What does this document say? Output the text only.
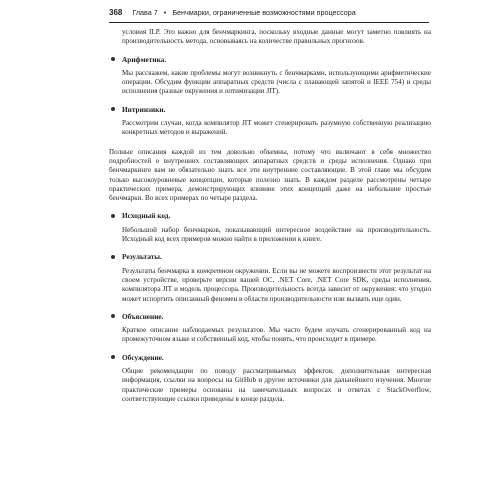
368 Глава 7 • Бенчмарки, ограниченные возможностями процессора

условия ILP. Это важно для бенчмаркинга, поскольку входные данные могут заметно повлиять на производительность метода, основываясь на количестве правильных прогнозов.

Арифметика.

Мы расскажем, какие проблемы могут возникнуть с бенчмарками, использующими арифметические операции. Обсудим функции аппаратных средств (числа с плавающей запятой и IEEE 754) и среды исполнения (разные окружения и оптимизации JIT).

Интринзики.

Рассмотрим случаи, когда компилятор JIT может сгенерировать разумную собственную реализацию конкретных методов и выражений.

Полные описания каждой из тем довольно объемны, потому что включают в себя множество подробностей о внутренних составляющих аппаратных средств и среды исполнения. Однако при бенчмаркинге вам не обязательно знать все эти внутренние составляющие. В этой главе мы обсудим только высокоуровневые концепции, которые полезно знать. В каждом разделе рассмотрены четыре практических примера, демонстрирующих влияние этих концепций даже на небольшие простые бенчмарки. Во всех примерах по четыре раздела.

Исходный код.

Небольшой набор бенчмарков, показывающий интересное воздействие на производительность. Исходный код всех примеров можно найти в приложении к книге.

Результаты.

Результаты бенчмарка в конкретном окружении. Если вы не можете воспроизвести этот результат на своем устройстве, проверьте версии вашей ОС, .NET Core, .NET Core SDK, среды исполнения, компилятора JIT и модель процессора. Производительность всегда зависит от окружения: что угодно может испортить описанный феномен в области производительности или вызвать еще один.

Объяснение.

Краткое описание наблюдаемых результатов. Мы часто будем изучать сгенерированный код на промежуточном языке и собственный код, чтобы понять, что происходит в примере.

Обсуждение.

Общие рекомендации по поводу рассматриваемых эффектов, дополнительная интересная информация, ссылки на вопросы на GitHub и другие источники для дальнейшего изучения. Многие практические примеры основаны на замечательных вопросах и ответах с StackOverflow, соответствующие ссылки приведены в конце раздела.
